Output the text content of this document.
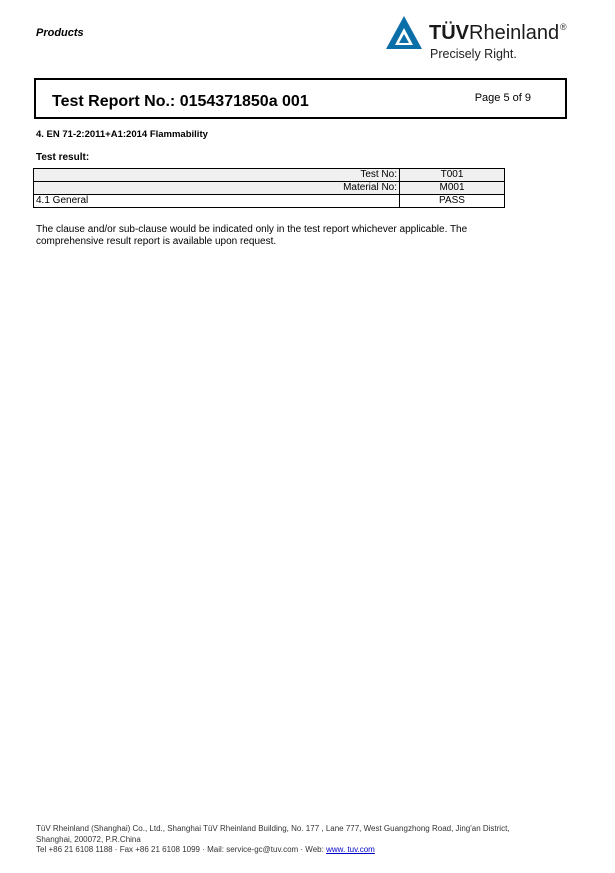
Products	TÜVRheinland ®
Precisely Right.
Test Report No.: 0154371850a 001	Page 5 of 9
4. EN 71-2:2011+A1:2014 Flammability
Test result:
Test No:	T001
Material No:	M001
4.1 General	PASS
The clause and/or sub-clause would be indicated only in the test report whichever applicable. The comprehensive result report is available upon request.
TüV Rheinland (Shanghai) Co., Ltd., Shanghai TüV Rheinland Building, No. 177 , Lane 777, West Guangzhong Road, Jing'an District,
Shanghai, 200072, P.R.China
Tel +86 21 6108 1188 · Fax +86 21 6108 1099 · Mail: service-gc@tuv.com · Web: www. tuv.com
